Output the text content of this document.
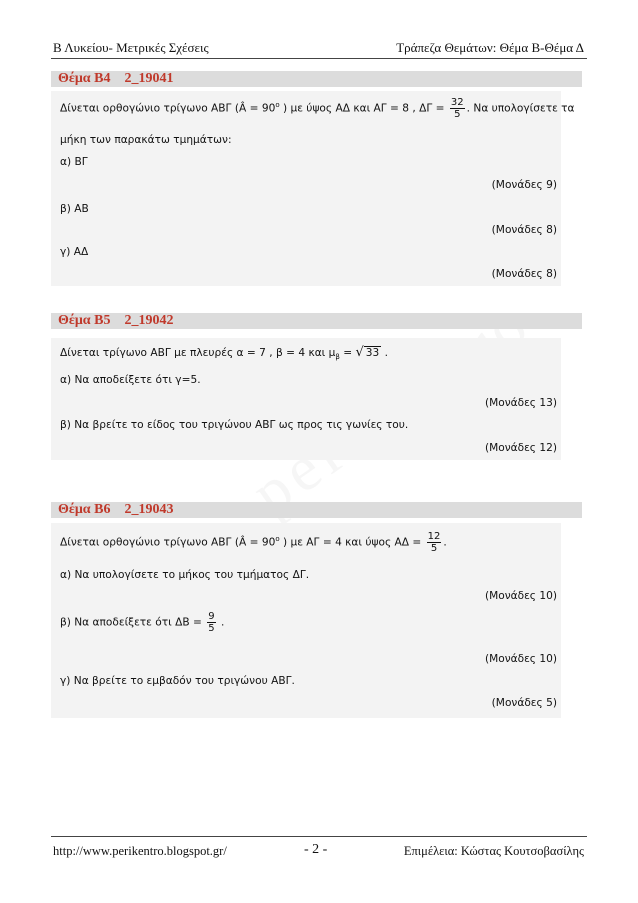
Β Λυκείου- Μετρικές Σχέσεις	Τράπεζα Θεμάτων: Θέμα Β-Θέμα Δ
Θέμα Β4    2_19041
Δίνεται ορθογώνιο τρίγωνο ΑΒΓ (Â = $90^o$ ) με ύψος ΑΔ και ΑΓ = 8 , $\Delta\Gamma = \frac{32}{5}$ . Να υπολογίσετε τα
μήκη των παρακάτω τμημάτων:
α) ΒΓ
(Μονάδες 9)
β) ΑΒ
(Μονάδες 8)
γ) ΑΔ
(Μονάδες 8)
Θέμα Β5    2_19042
Δίνεται τρίγωνο ΑΒΓ με πλευρές α = 7 , β = 4 και $\mu_\beta$ = √ 33 .
α) Να αποδείξετε ότι γ=5.
(Μονάδες 13)
β) Να βρείτε το είδος του τριγώνου ΑΒΓ ως προς τις γωνίες του.
(Μονάδες 12)
Θέμα Β6    2_19043
Δίνεται ορθογώνιο τρίγωνο ΑΒΓ (Â = $90^o$ ) με ΑΓ = 4 και ύψος $A\Delta = \frac{12}{5}$ .
α) Να υπολογίσετε το μήκος του τμήματος ΔΓ.
(Μονάδες 10)
β) Να αποδείξετε ότι $\Delta B = \frac{9}{5}$ .
(Μονάδες 10)
γ) Να βρείτε το εμβαδόν του τριγώνου ΑΒΓ.
(Μονάδες 5)
http://www.perikentro.blogspot.gr/	- 2 -	Επιμέλεια: Κώστας Κουτσοβασίλης
